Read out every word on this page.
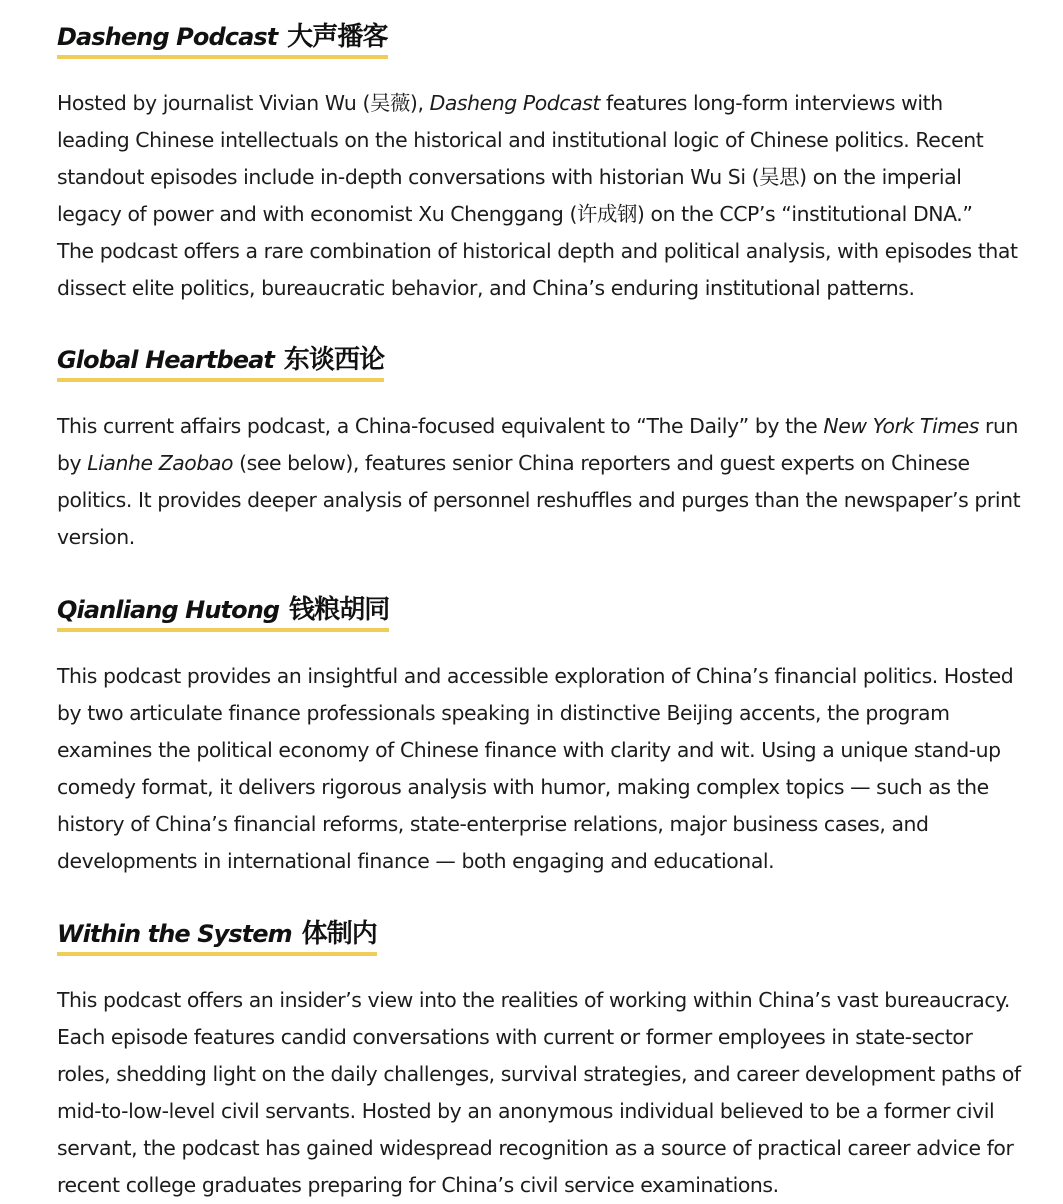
Dasheng Podcast 大声播客

Hosted by journalist Vivian Wu (吴薇), Dasheng Podcast features long-form interviews with
leading Chinese intellectuals on the historical and institutional logic of Chinese politics. Recent
standout episodes include in-depth conversations with historian Wu Si (吴思) on the imperial
legacy of power and with economist Xu Chenggang (许成钢) on the CCP’s “institutional DNA.”
The podcast offers a rare combination of historical depth and political analysis, with episodes that
dissect elite politics, bureaucratic behavior, and China’s enduring institutional patterns.

Global Heartbeat 东谈西论

This current affairs podcast, a China-focused equivalent to “The Daily” by the New York Times run
by Lianhe Zaobao (see below), features senior China reporters and guest experts on Chinese
politics. It provides deeper analysis of personnel reshuffles and purges than the newspaper’s print
version.

Qianliang Hutong 钱粮胡同

This podcast provides an insightful and accessible exploration of China’s financial politics. Hosted
by two articulate finance professionals speaking in distinctive Beijing accents, the program
examines the political economy of Chinese finance with clarity and wit. Using a unique stand-up
comedy format, it delivers rigorous analysis with humor, making complex topics — such as the
history of China’s financial reforms, state-enterprise relations, major business cases, and
developments in international finance — both engaging and educational.

Within the System 体制内

This podcast offers an insider’s view into the realities of working within China’s vast bureaucracy.
Each episode features candid conversations with current or former employees in state-sector
roles, shedding light on the daily challenges, survival strategies, and career development paths of
mid-to-low-level civil servants. Hosted by an anonymous individual believed to be a former civil
servant, the podcast has gained widespread recognition as a source of practical career advice for
recent college graduates preparing for China’s civil service examinations.
